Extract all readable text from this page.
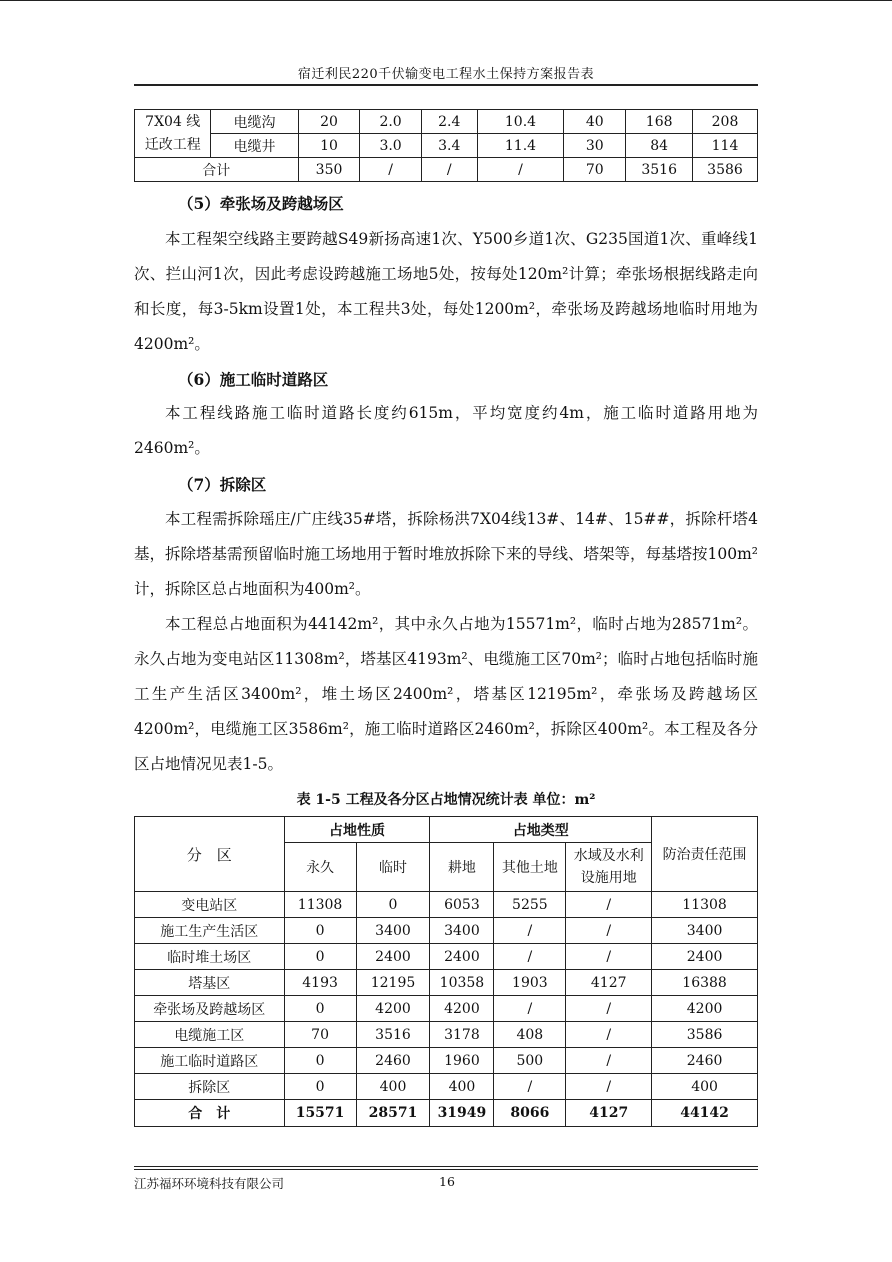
宿迁利民220千伏输变电工程水土保持方案报告表
7X04 线迁改工程	电缆沟	20	2.0	2.4	10.4	40	168	208
	电缆井	10	3.0	3.4	11.4	30	84	114
合计		350	/	/	/	70	3516	3586
（5）牵张场及跨越场区

本工程架空线路主要跨越S49新扬高速1次、Y500乡道1次、G235国道1次、重峰线1次、拦山河1次，因此考虑设跨越施工场地5处，按每处120m²计算；牵张场根据线路走向和长度，每3-5km设置1处，本工程共3处，每处1200m²，牵张场及跨越场地临时用地为4200m²。

（6）施工临时道路区

本工程线路施工临时道路长度约615m，平均宽度约4m，施工临时道路用地为2460m²。

（7）拆除区

本工程需拆除瑶庄/广庄线35#塔，拆除杨洪7X04线13#、14#、15##，拆除杆塔4基，拆除塔基需预留临时施工场地用于暂时堆放拆除下来的导线、塔架等，每基塔按100m²计，拆除区总占地面积为400m²。

本工程总占地面积为44142m²，其中永久占地为15571m²，临时占地为28571m²。永久占地为变电站区11308m²，塔基区4193m²、电缆施工区70m²；临时占地包括临时施工生产生活区3400m²，堆土场区2400m²，塔基区12195m²，牵张场及跨越场区4200m²，电缆施工区3586m²，施工临时道路区2460m²，拆除区400m²。本工程及各分区占地情况见表1-5。

表 1-5 工程及各分区占地情况统计表 单位：m²
分　区	占地性质		占地类型			防治责任范围
	永久	临时	耕地	其他土地	水域及水利设施用地	
变电站区	11308	0	6053	5255	/	11308
施工生产生活区	0	3400	3400	/	/	3400
临时堆土场区	0	2400	2400	/	/	2400
塔基区	4193	12195	10358	1903	4127	16388
牵张场及跨越场区	0	4200	4200	/	/	4200
电缆施工区	70	3516	3178	408	/	3586
施工临时道路区	0	2460	1960	500	/	2460
拆除区	0	400	400	/	/	400
合　计	15571	28571	31949	8066	4127	44142
江苏福环环境科技有限公司	16
